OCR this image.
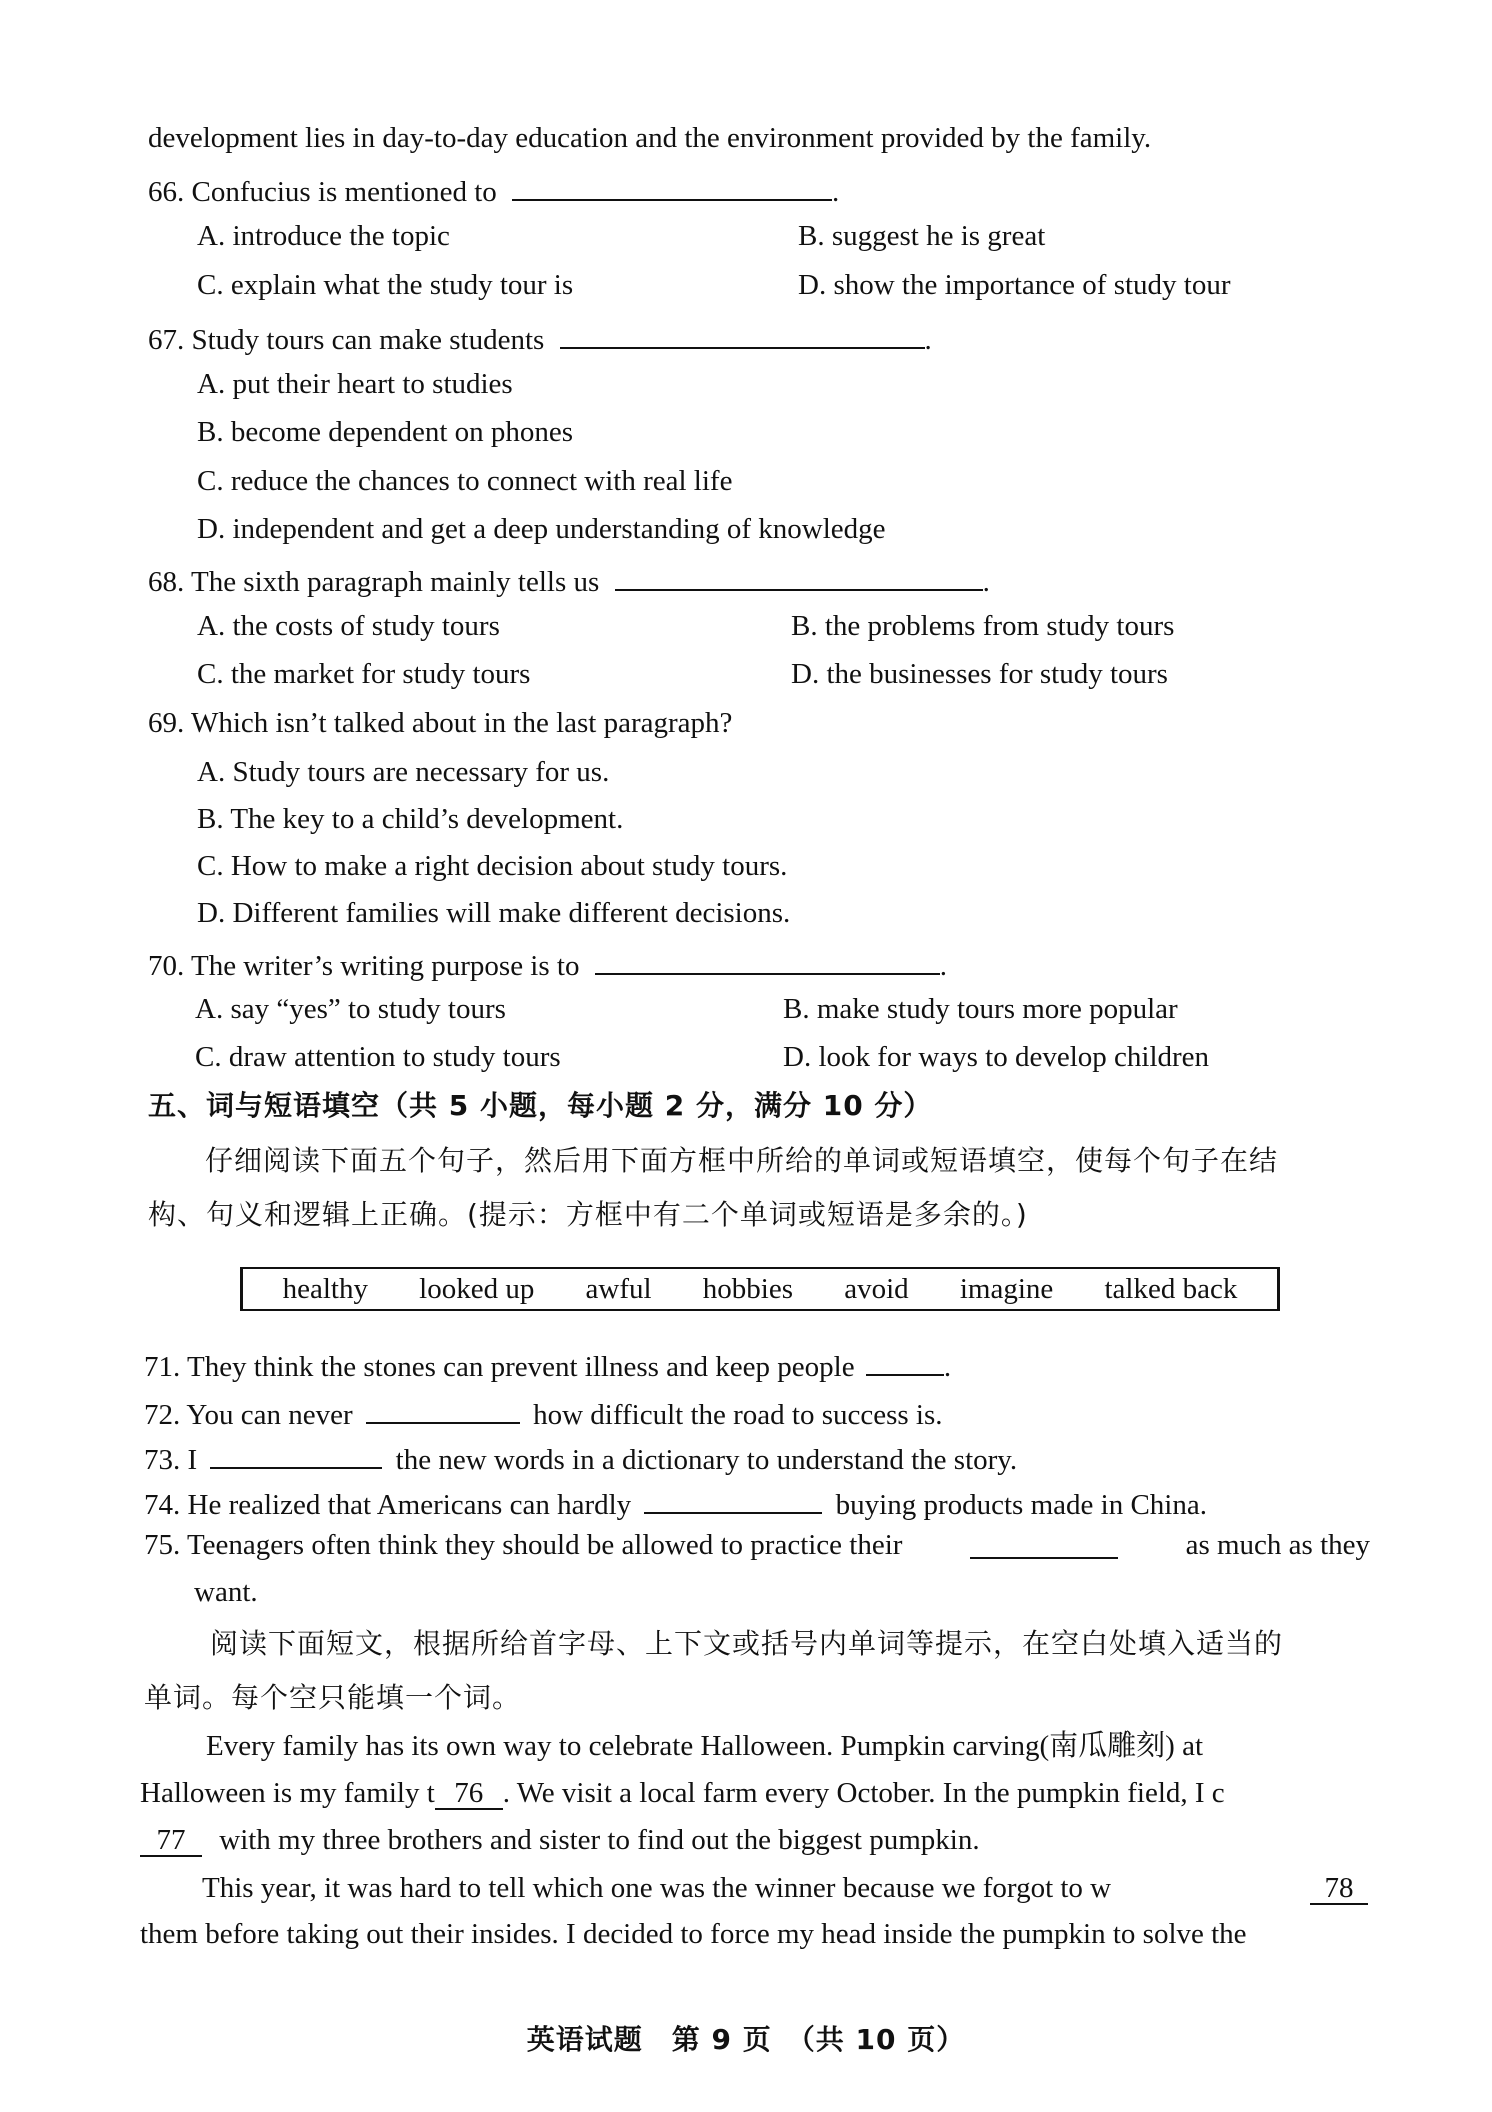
development lies in day-to-day education and the environment provided by the family.
66. Confucius is mentioned to	.
A. introduce the topic	B. suggest he is great
C. explain what the study tour is	D. show the importance of study tour
67. Study tours can make students	.
A. put their heart to studies
B. become dependent on phones
C. reduce the chances to connect with real life
D. independent and get a deep understanding of knowledge
68. The sixth paragraph mainly tells us	.
A. the costs of study tours	B. the problems from study tours
C. the market for study tours	D. the businesses for study tours
69. Which isn’t talked about in the last paragraph?
A. Study tours are necessary for us.
B. The key to a child’s development.
C. How to make a right decision about study tours.
D. Different families will make different decisions.
70. The writer’s writing purpose is to	.
A. say “yes” to study tours	B. make study tours more popular
C. draw attention to study tours	D. look for ways to develop children
五、词与短语填空（共 5 小题，每小题 2 分，满分 10 分）
仔细阅读下面五个句子，然后用下面方框中所给的单词或短语填空，使每个句子在结
构、句义和逻辑上正确。(提示：方框中有二个单词或短语是多余的。)
healthy looked up awful hobbies avoid imagine talked back
71. They think the stones can prevent illness and keep people	.
72. You can never	how difficult the road to success is.
73. I	the new words in a dictionary to understand the story.
74. He realized that Americans can hardly	buying products made in China.
75. Teenagers often think they should be allowed to practice their	as much as they
want.
阅读下面短文，根据所给首字母、上下文或括号内单词等提示，在空白处填入适当的
单词。每个空只能填一个词。
Every family has its own way to celebrate Halloween. Pumpkin carving(南瓜雕刻) at
Halloween is my family t 76 . We visit a local farm every October. In the pumpkin field, I c
77 with my three brothers and sister to find out the biggest pumpkin.
This year, it was hard to tell which one was the winner because we forgot to w	78
them before taking out their insides. I decided to force my head inside the pumpkin to solve the
英语试题　第 9 页　（共 10 页）
